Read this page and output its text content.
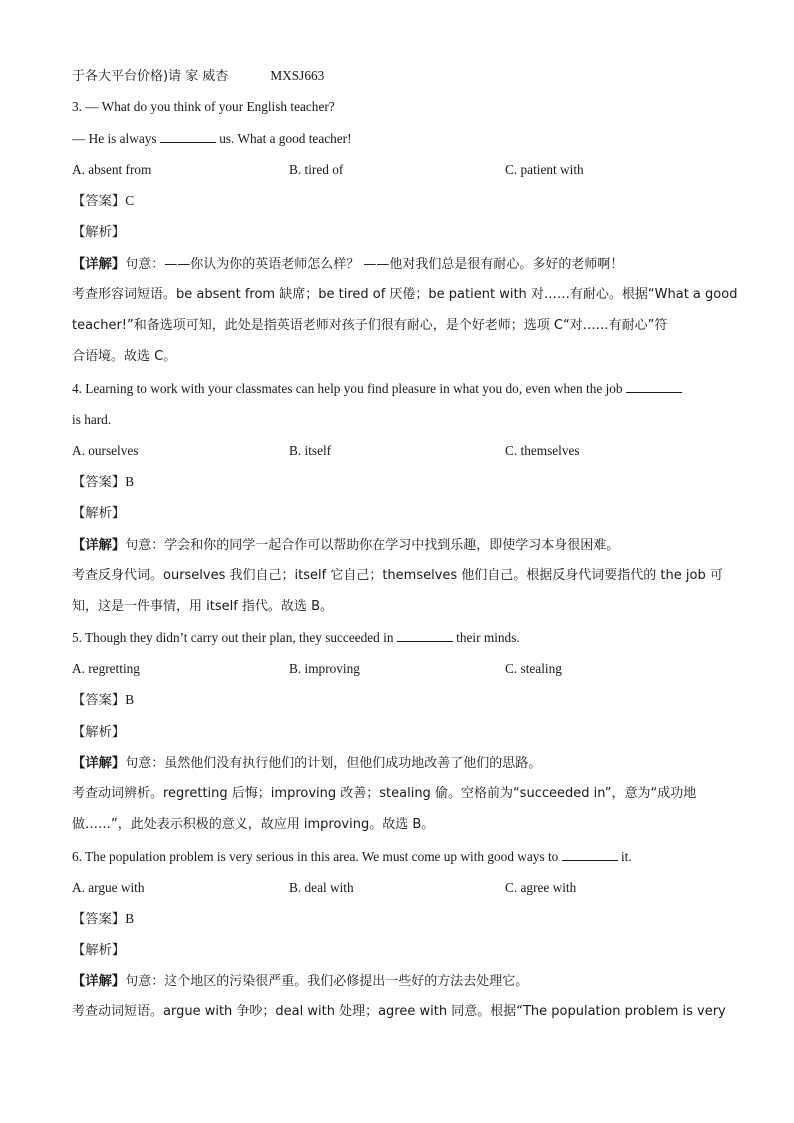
于各大平台价格)请 家 威杏	MXSJ663
3. — What do you think of your English teacher?
— He is always	us. What a good teacher!
A. absent from	B. tired of	C. patient with
【答案】C
【解析】
【详解】句意：——你认为你的英语老师怎么样？ ——他对我们总是很有耐心。多好的老师啊！
考查形容词短语。be absent from 缺席；be tired of 厌倦；be patient with 对……有耐心。根据“What a good
teacher!”和备选项可知，此处是指英语老师对孩子们很有耐心，是个好老师；选项 C“对……有耐心”符
合语境。故选 C。
4. Learning to work with your classmates can help you find pleasure in what you do, even when the job
is hard.
A. ourselves	B. itself	C. themselves
【答案】B
【解析】
【详解】句意：学会和你的同学一起合作可以帮助你在学习中找到乐趣，即使学习本身很困难。
考查反身代词。ourselves 我们自己；itself 它自己；themselves 他们自己。根据反身代词要指代的 the job 可
知，这是一件事情，用 itself 指代。故选 B。
5. Though they didn’t carry out their plan, they succeeded in	their minds.
A. regretting	B. improving	C. stealing
【答案】B
【解析】
【详解】句意：虽然他们没有执行他们的计划，但他们成功地改善了他们的思路。
考查动词辨析。regretting 后悔；improving 改善；stealing 偷。空格前为“succeeded in”，意为“成功地
做……”，此处表示积极的意义，故应用 improving。故选 B。
6. The population problem is very serious in this area. We must come up with good ways to	it.
A. argue with	B. deal with	C. agree with
【答案】B
【解析】
【详解】句意：这个地区的污染很严重。我们必修提出一些好的方法去处理它。
考查动词短语。argue with 争吵；deal with 处理；agree with 同意。根据“The population problem is very
